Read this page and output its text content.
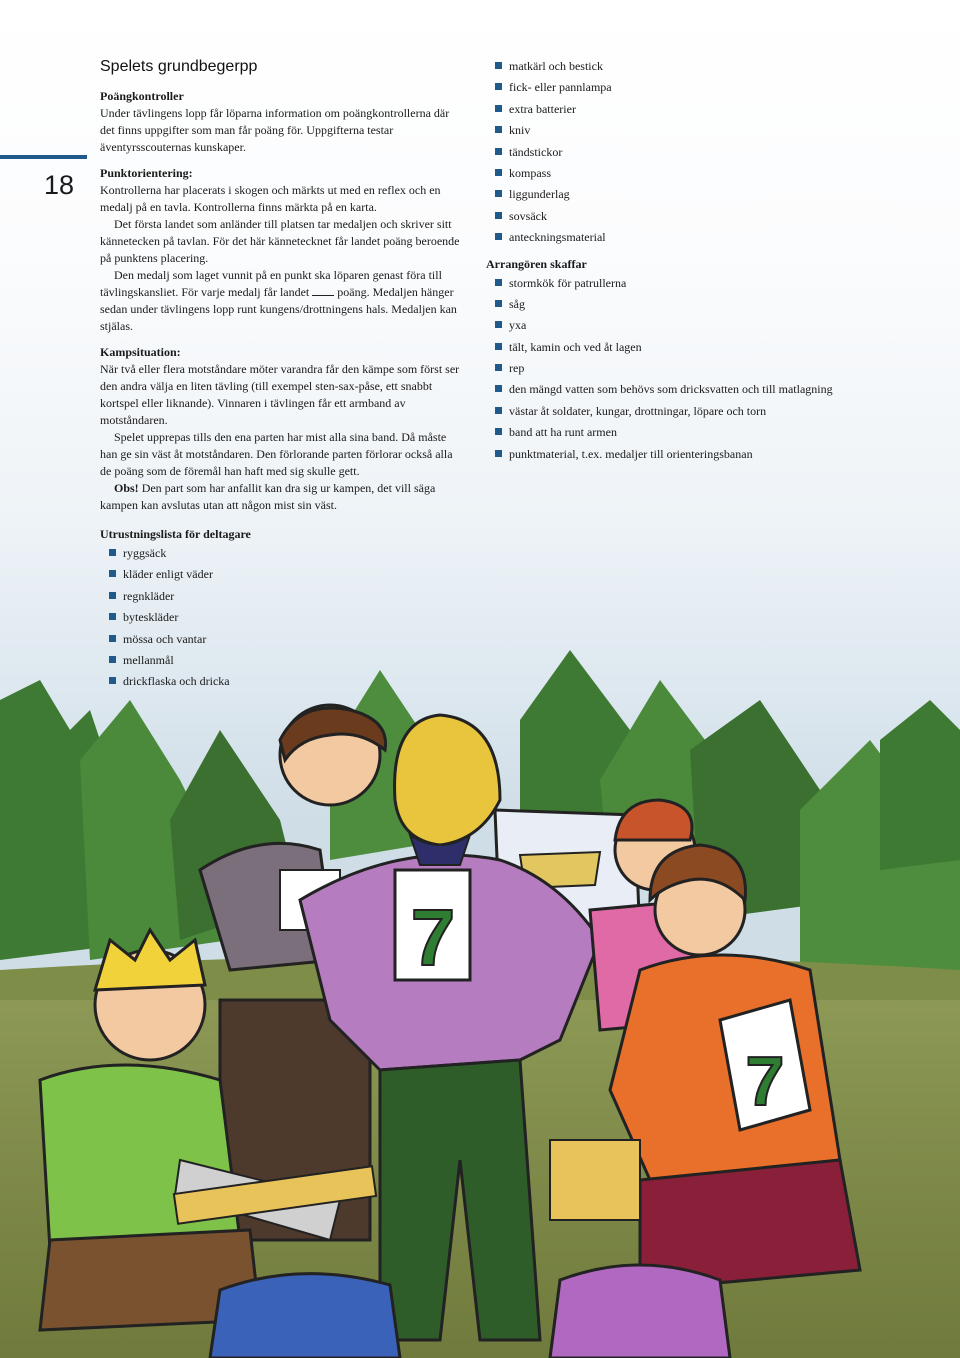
7
7
18
Spelets grundbegerpp
Poängkontroller

Under tävlingens lopp får löparna information om poängkontrollerna där det finns uppgifter som man får poäng för. Uppgifterna testar äventyrsscouternas kunskaper.

Punktorientering:

Kontrollerna har placerats i skogen och märkts ut med en reflex och en medalj på en tavla. Kontrollerna finns märkta på en karta.

Det första landet som anländer till platsen tar medaljen och skriver sitt kännetecken på tavlan. För det här kännetecknet får landet poäng beroende på punktens placering.

Den medalj som laget vunnit på en punkt ska löparen genast föra till tävlingskansliet. För varje medalj får landet poäng. Medaljen hänger sedan under tävlingens lopp runt kungens/drottningens hals. Medaljen kan stjälas.

Kampsituation:

När två eller flera motståndare möter varandra får den kämpe som först ser den andra välja en liten tävling (till exempel sten-sax-påse, ett snabbt kortspel eller liknande). Vinnaren i tävlingen får ett armband av motståndaren.

Spelet upprepas tills den ena parten har mist alla sina band. Då måste han ge sin väst åt motståndaren. Den förlorande parten förlorar också alla de poäng som de föremål han haft med sig skulle gett.

Obs! Den part som har anfallit kan dra sig ur kampen, det vill säga kampen kan avslutas utan att någon mist sin väst.

Utrustningslista för deltagare
ryggsäck
kläder enligt väder
regnkläder
byteskläder
mössa och vantar
mellanmål
drickflaska och dricka
matkärl och bestick
fick- eller pannlampa
extra batterier
kniv
tändstickor
kompass
liggunderlag
sovsäck
anteckningsmaterial
Arrangören skaffar
stormkök för patrullerna
såg
yxa
tält, kamin och ved åt lagen
rep
den mängd vatten som behövs som dricksvatten och till matlagning
västar åt soldater, kungar, drottningar, löpare och torn
band att ha runt armen
punktmaterial, t.ex. medaljer till orienteringsbanan
